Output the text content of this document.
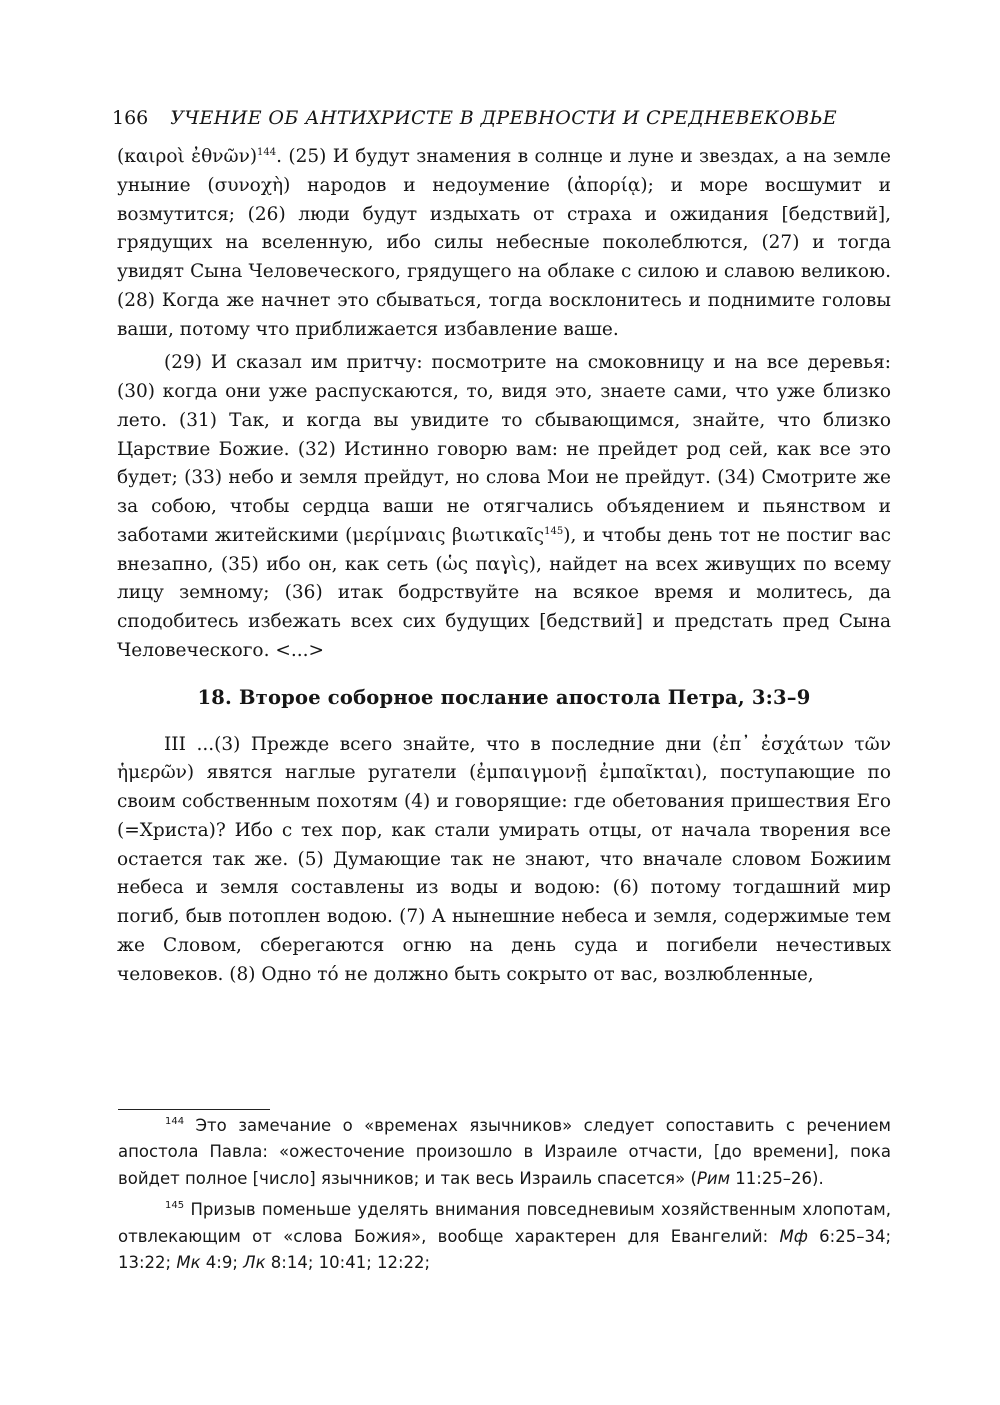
166 УЧЕНИЕ ОБ АНТИХРИСТЕ В ДРЕВНОСТИ И СРЕДНЕВЕКОВЬЕ

(καιροὶ ἐθνῶν)$^{144}$. (25) И будут знамения в солнце и луне и звездах, а на земле уныние (συνοχὴ) народов и недоумение (ἀπορίᾳ); и море восшумит и возмутится; (26) люди будут издыхать от страха и ожидания [бедствий], грядущих на вселенную, ибо силы небесные поколеблются, (27) и тогда увидят Сына Человеческого, грядущего на облаке с силою и славою великою. (28) Когда же начнет это сбываться, тогда восклонитесь и поднимите головы ваши, потому что приближается избавление ваше.

(29) И сказал им притчу: посмотрите на смоковницу и на все деревья: (30) когда они уже распускаются, то, видя это, знаете сами, что уже близко лето. (31) Так, и когда вы увидите то сбывающимся, знайте, что близко Царствие Божие. (32) Истинно говорю вам: не прейдет род сей, как все это будет; (33) небо и земля прейдут, но слова Мои не прейдут. (34) Смотрите же за собою, чтобы сердца ваши не отягчались объядением и пьянством и заботами житейскими (μερίμναις βιωτικαῖς$^{145}$), и чтобы день тот не постиг вас внезапно, (35) ибо он, как сеть (ὡς παγὶς), найдет на всех живущих по всему лицу земному; (36) итак бодрствуйте на всякое время и молитесь, да сподобитесь избежать всех сих будущих [бедствий] и предстать пред Сына Человеческого. <...>

18. Второе соборное послание апостола Петра, 3:3–9

III ...(3) Прежде всего знайте, что в последние дни (ἐπ᾽ ἐσχάτων τῶν ἡμερῶν) явятся наглые ругатели (ἐμπαιγμονῇ ἐμπαῖκται), поступающие по своим собственным похотям (4) и говорящие: где обетования пришествия Его (=Христа)? Ибо с тех пор, как стали умирать отцы, от начала творения все остается так же. (5) Думающие так не знают, что вначале словом Божиим небеса и земля составлены из воды и водою: (6) потому тогдашний мир погиб, быв потоплен водою. (7) А нынешние небеса и земля, содержимые тем же Словом, сберегаются огню на день суда и погибели нечестивых человеков. (8) Одно тó не должно быть сокрыто от вас, возлюбленные,

$^{144}$ Это замечание о «временах язычников» следует сопоставить с речением апостола Павла: «ожесточение произошло в Израиле отчасти, [до времени], пока войдет полное [число] язычников; и так весь Израиль спасется» (Рим 11:25–26).

$^{145}$ Призыв поменьше уделять внимания повседневиым хозяйственным хлопотам, отвлекающим от «слова Божия», вообще характерен для Евангелий: Мф 6:25–34; 13:22; Мк 4:9; Лк 8:14; 10:41; 12:22;
